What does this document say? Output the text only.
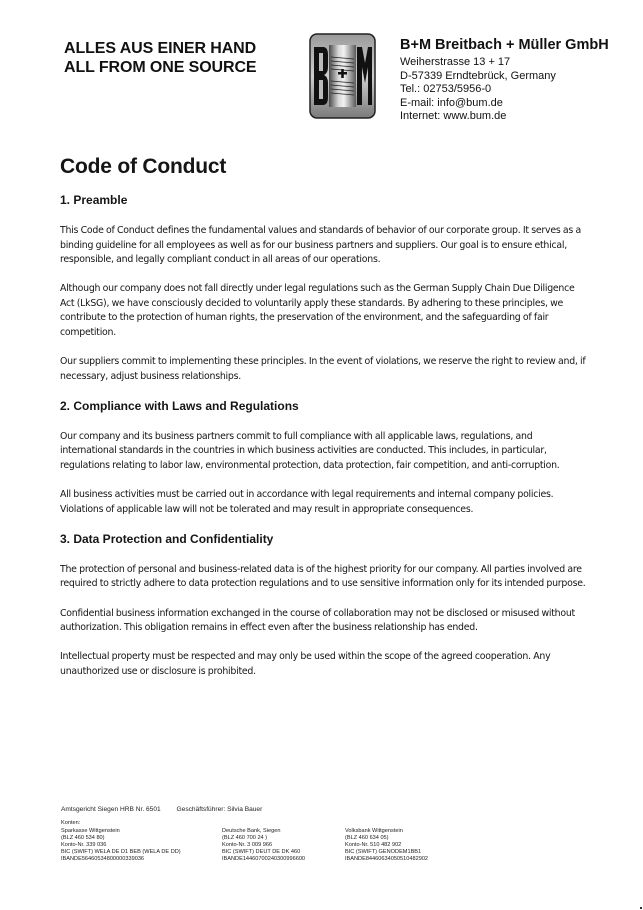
ALLES AUS EINER HAND
ALL FROM ONE SOURCE
B+M Breitbach + Müller GmbH
Weiherstrasse 13 + 17
D-57339 Erndtebrück, Germany
Tel.: 02753/5956-0
E-mail: info@bum.de
Internet: www.bum.de
Code of Conduct
1. Preamble

This Code of Conduct defines the fundamental values and standards of behavior of our corporate group. It serves as a binding guideline for all employees as well as for our business partners and suppliers. Our goal is to ensure ethical, responsible, and legally compliant conduct in all areas of our operations.

Although our company does not fall directly under legal regulations such as the German Supply Chain Due Diligence Act (LkSG), we have consciously decided to voluntarily apply these standards. By adhering to these principles, we contribute to the protection of human rights, the preservation of the environment, and the safeguarding of fair competition.

Our suppliers commit to implementing these principles. In the event of violations, we reserve the right to review and, if necessary, adjust business relationships.

2. Compliance with Laws and Regulations

Our company and its business partners commit to full compliance with all applicable laws, regulations, and international standards in the countries in which business activities are conducted. This includes, in particular, regulations relating to labor law, environmental protection, data protection, fair competition, and anti-corruption.

All business activities must be carried out in accordance with legal requirements and internal company policies. Violations of applicable law will not be tolerated and may result in appropriate consequences.

3. Data Protection and Confidentiality

The protection of personal and business-related data is of the highest priority for our company. All parties involved are required to strictly adhere to data protection regulations and to use sensitive information only for its intended purpose.

Confidential business information exchanged in the course of collaboration may not be disclosed or misused without authorization. This obligation remains in effect even after the business relationship has ended.

Intellectual property must be respected and may only be used within the scope of the agreed cooperation. Any unauthorized use or disclosure is prohibited.

Amtsgericht Siegen HRB Nr. 6501 Geschäftsführer: Silvia Bauer
Konten:
Sparkasse Wittgenstein
(BLZ 460 534 80)
Konto-Nr. 339 036
BIC (SWIFT) WELA DE D1 BEB (WELA DE DD)
IBANDE56460534800000339036
Deutsche Bank, Siegen
(BLZ 460 700 24 )
Konto-Nr. 3 009 966
BIC (SWIFT) DEUT DE DK 460
IBANDE14460700240300996600
Volksbank Wittgenstein
(BLZ 460 634 05)
Konto-Nr. 510 482 902
BIC (SWIFT) GENODEM1BB1
IBANDE84460634050510482902
